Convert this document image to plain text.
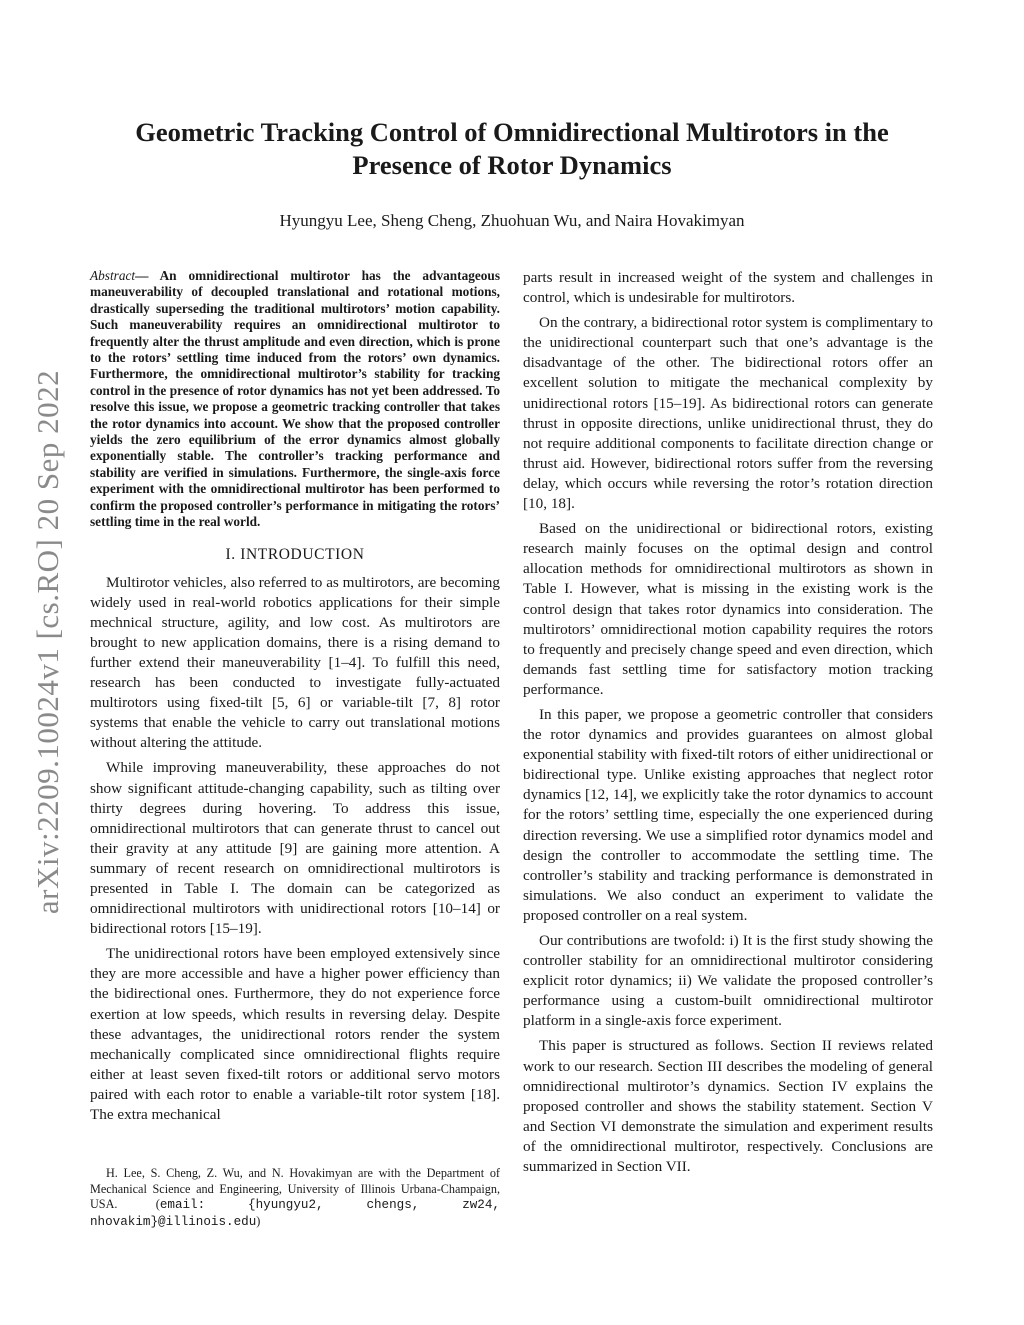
arXiv:2209.10024v1 [cs.RO] 20 Sep 2022
Geometric Tracking Control of Omnidirectional Multirotors in the Presence of Rotor Dynamics
Hyungyu Lee, Sheng Cheng, Zhuohuan Wu, and Naira Hovakimyan

Abstract— An omnidirectional multirotor has the advantageous maneuverability of decoupled translational and rotational motions, drastically superseding the traditional multirotors’ motion capability. Such maneuverability requires an omnidirectional multirotor to frequently alter the thrust amplitude and even direction, which is prone to the rotors’ settling time induced from the rotors’ own dynamics. Furthermore, the omnidirectional multirotor’s stability for tracking control in the presence of rotor dynamics has not yet been addressed. To resolve this issue, we propose a geometric tracking controller that takes the rotor dynamics into account. We show that the proposed controller yields the zero equilibrium of the error dynamics almost globally exponentially stable. The controller’s tracking performance and stability are verified in simulations. Furthermore, the single-axis force experiment with the omnidirectional multirotor has been performed to confirm the proposed controller’s performance in mitigating the rotors’ settling time in the real world.

I. INTRODUCTION

Multirotor vehicles, also referred to as multirotors, are becoming widely used in real-world robotics applications for their simple mechnical structure, agility, and low cost. As multirotors are brought to new application domains, there is a rising demand to further extend their maneuverability [1–4]. To fulfill this need, research has been conducted to investigate fully-actuated multirotors using fixed-tilt [5, 6] or variable-tilt [7, 8] rotor systems that enable the vehicle to carry out translational motions without altering the attitude.

While improving maneuverability, these approaches do not show significant attitude-changing capability, such as tilting over thirty degrees during hovering. To address this issue, omnidirectional multirotors that can generate thrust to cancel out their gravity at any attitude [9] are gaining more attention. A summary of recent research on omnidirectional multirotors is presented in Table I. The domain can be categorized as omnidirectional multirotors with unidirectional rotors [10–14] or bidirectional rotors [15–19].

The unidirectional rotors have been employed extensively since they are more accessible and have a higher power efficiency than the bidirectional ones. Furthermore, they do not experience force exertion at low speeds, which results in reversing delay. Despite these advantages, the unidirectional rotors render the system mechanically complicated since omnidirectional flights require either at least seven fixed-tilt rotors or additional servo motors paired with each rotor to enable a variable-tilt rotor system [18]. The extra mechanical

parts result in increased weight of the system and challenges in control, which is undesirable for multirotors.

On the contrary, a bidirectional rotor system is complimentary to the unidirectional counterpart such that one’s advantage is the disadvantage of the other. The bidirectional rotors offer an excellent solution to mitigate the mechanical complexity by unidirectional rotors [15–19]. As bidirectional rotors can generate thrust in opposite directions, unlike unidirectional thrust, they do not require additional components to facilitate direction change or thrust aid. However, bidirectional rotors suffer from the reversing delay, which occurs while reversing the rotor’s rotation direction [10, 18].

Based on the unidirectional or bidirectional rotors, existing research mainly focuses on the optimal design and control allocation methods for omnidirectional multirotors as shown in Table I. However, what is missing in the existing work is the control design that takes rotor dynamics into consideration. The multirotors’ omnidirectional motion capability requires the rotors to frequently and precisely change speed and even direction, which demands fast settling time for satisfactory motion tracking performance.

In this paper, we propose a geometric controller that considers the rotor dynamics and provides guarantees on almost global exponential stability with fixed-tilt rotors of either unidirectional or bidirectional type. Unlike existing approaches that neglect rotor dynamics [12, 14], we explicitly take the rotor dynamics to account for the rotors’ settling time, especially the one experienced during direction reversing. We use a simplified rotor dynamics model and design the controller to accommodate the settling time. The controller’s stability and tracking performance is demonstrated in simulations. We also conduct an experiment to validate the proposed controller on a real system.

Our contributions are twofold: i) It is the first study showing the controller stability for an omnidirectional multirotor considering explicit rotor dynamics; ii) We validate the proposed controller’s performance using a custom-built omnidirectional multirotor platform in a single-axis force experiment.

This paper is structured as follows. Section II reviews related work to our research. Section III describes the modeling of general omnidirectional multirotor’s dynamics. Section IV explains the proposed controller and shows the stability statement. Section V and Section VI demonstrate the simulation and experiment results of the omnidirectional multirotor, respectively. Conclusions are summarized in Section VII.

H. Lee, S. Cheng, Z. Wu, and N. Hovakimyan are with the Department of Mechanical Science and Engineering, University of Illinois Urbana-Champaign, USA. (email: {hyungyu2, chengs, zw24, nhovakim}@illinois.edu)
